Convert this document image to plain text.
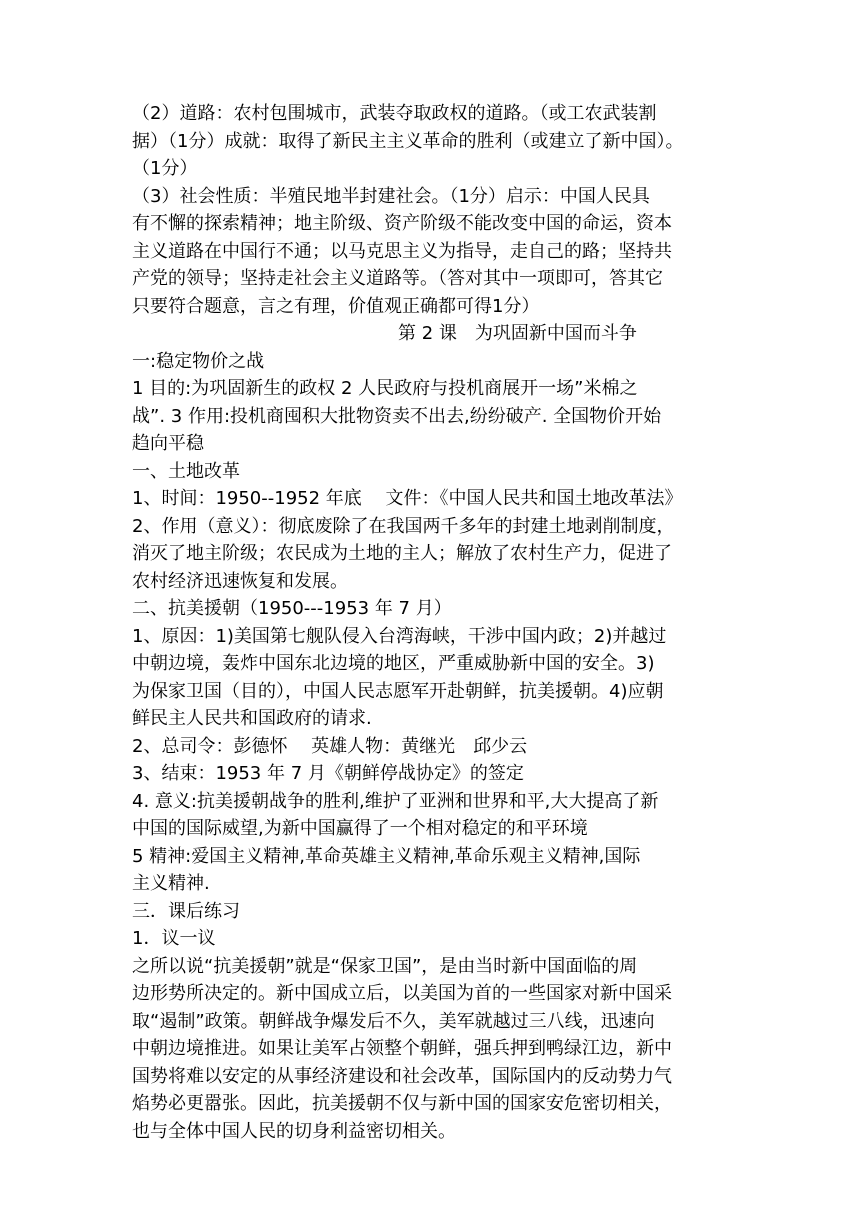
（2）道路：农村包围城市，武装夺取政权的道路。（或工农武装割
据）（1分）成就：取得了新民主主义革命的胜利（或建立了新中国）。
（1分）
（3）社会性质：半殖民地半封建社会。（1分）启示：中国人民具
有不懈的探索精神；地主阶级、资产阶级不能改变中国的命运，资本
主义道路在中国行不通；以马克思主义为指导，走自己的路；坚持共
产党的领导；坚持走社会主义道路等。（答对其中一项即可，答其它
只要符合题意，言之有理，价值观正确都可得1分）
第 2 课　为巩固新中国而斗争
一:稳定物价之战
1 目的:为巩固新生的政权 2 人民政府与投机商展开一场”米棉之
战”. 3 作用:投机商囤积大批物资卖不出去,纷纷破产. 全国物价开始
趋向平稳
一、土地改革
1、时间：1950--1952 年底　 文件：《中国人民共和国土地改革法》
2、作用（意义）：彻底废除了在我国两千多年的封建土地剥削制度，
消灭了地主阶级；农民成为土地的主人；解放了农村生产力，促进了
农村经济迅速恢复和发展。
二、抗美援朝（1950---1953 年 7 月）
1、原因：1)美国第七舰队侵入台湾海峡，干涉中国内政；2)并越过
中朝边境，轰炸中国东北边境的地区，严重威胁新中国的安全。3)
为保家卫国（目的），中国人民志愿军开赴朝鲜，抗美援朝。4)应朝
鲜民主人民共和国政府的请求.
2、总司令：彭德怀　 英雄人物：黄继光　邱少云
3、结束：1953 年 7 月《朝鲜停战协定》的签定
4. 意义:抗美援朝战争的胜利,维护了亚洲和世界和平,大大提高了新
中国的国际威望,为新中国赢得了一个相对稳定的和平环境
5 精神:爱国主义精神,革命英雄主义精神,革命乐观主义精神,国际
主义精神.
三．课后练习
1．议一议
之所以说“抗美援朝”就是“保家卫国”，是由当时新中国面临的周
边形势所决定的。新中国成立后，以美国为首的一些国家对新中国采
取“遏制”政策。朝鲜战争爆发后不久，美军就越过三八线，迅速向
中朝边境推进。如果让美军占领整个朝鲜，强兵押到鸭绿江边，新中
国势将难以安定的从事经济建设和社会改革，国际国内的反动势力气
焰势必更嚣张。因此，抗美援朝不仅与新中国的国家安危密切相关，
也与全体中国人民的切身利益密切相关。
